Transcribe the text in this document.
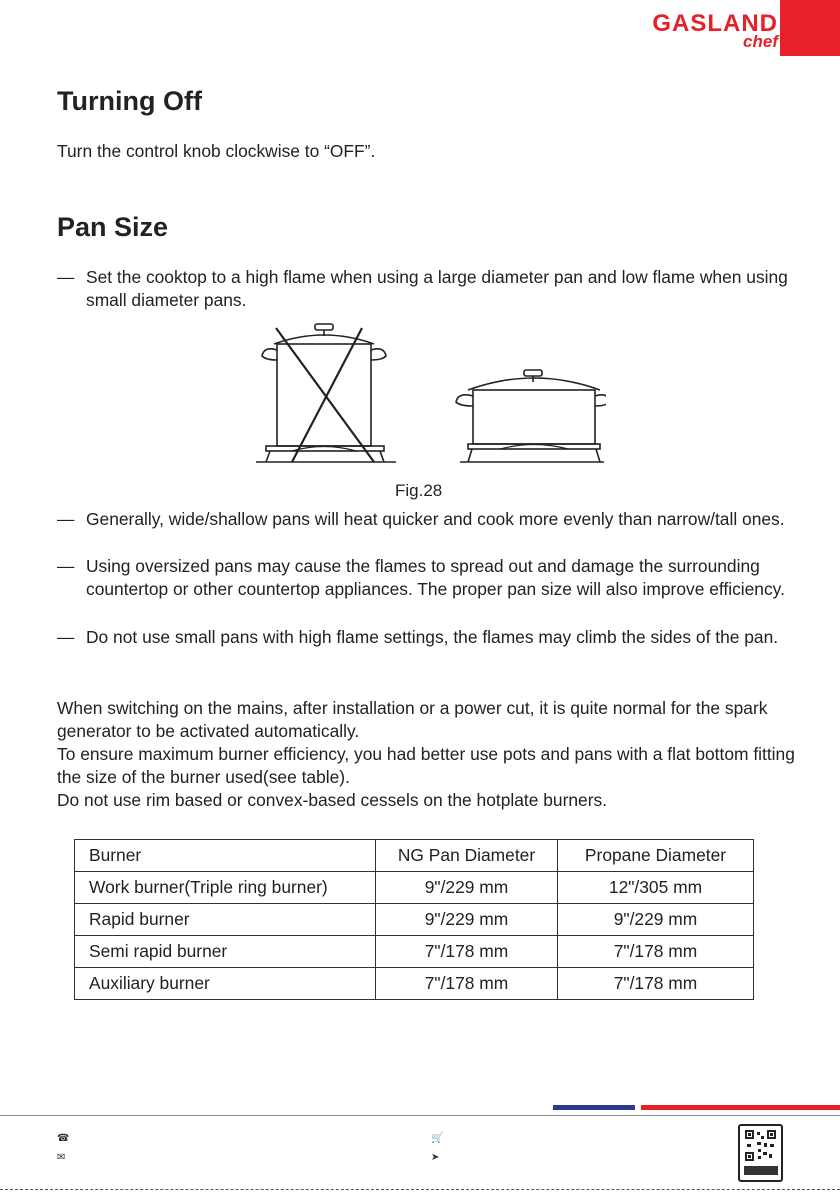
GASLAND
chef
Turning Off

Turn the control knob clockwise to “OFF”.

Pan Size
— Set the cooktop to a high flame when using a large diameter pan and low flame when using small diameter pans.
Fig.28
— Generally, wide/shallow pans will heat quicker and cook more evenly than narrow/tall ones.
— Using oversized pans may cause the flames to spread out and damage the surrounding countertop or other countertop appliances. The proper pan size will also improve efficiency.
— Do not use small pans with high flame settings, the flames may climb the sides of the pan.

When switching on the mains, after installation or a power cut, it is quite normal for the spark generator to be activated automatically.

To ensure maximum burner efficiency, you had better use pots and pans with a flat bottom fitting the size of the burner used(see table).

Do not use rim based or convex-based cessels on the hotplate burners.

Burner	NG Pan Diameter	Propane Diameter
Work burner(Triple ring burner)	9"/229 mm	12"/305 mm
Rapid burner	9"/229 mm	9"/229 mm
Semi rapid burner	7"/178 mm	7"/178 mm
Auxiliary burner	7"/178 mm	7"/178 mm
☎
✉
🛒
➤
